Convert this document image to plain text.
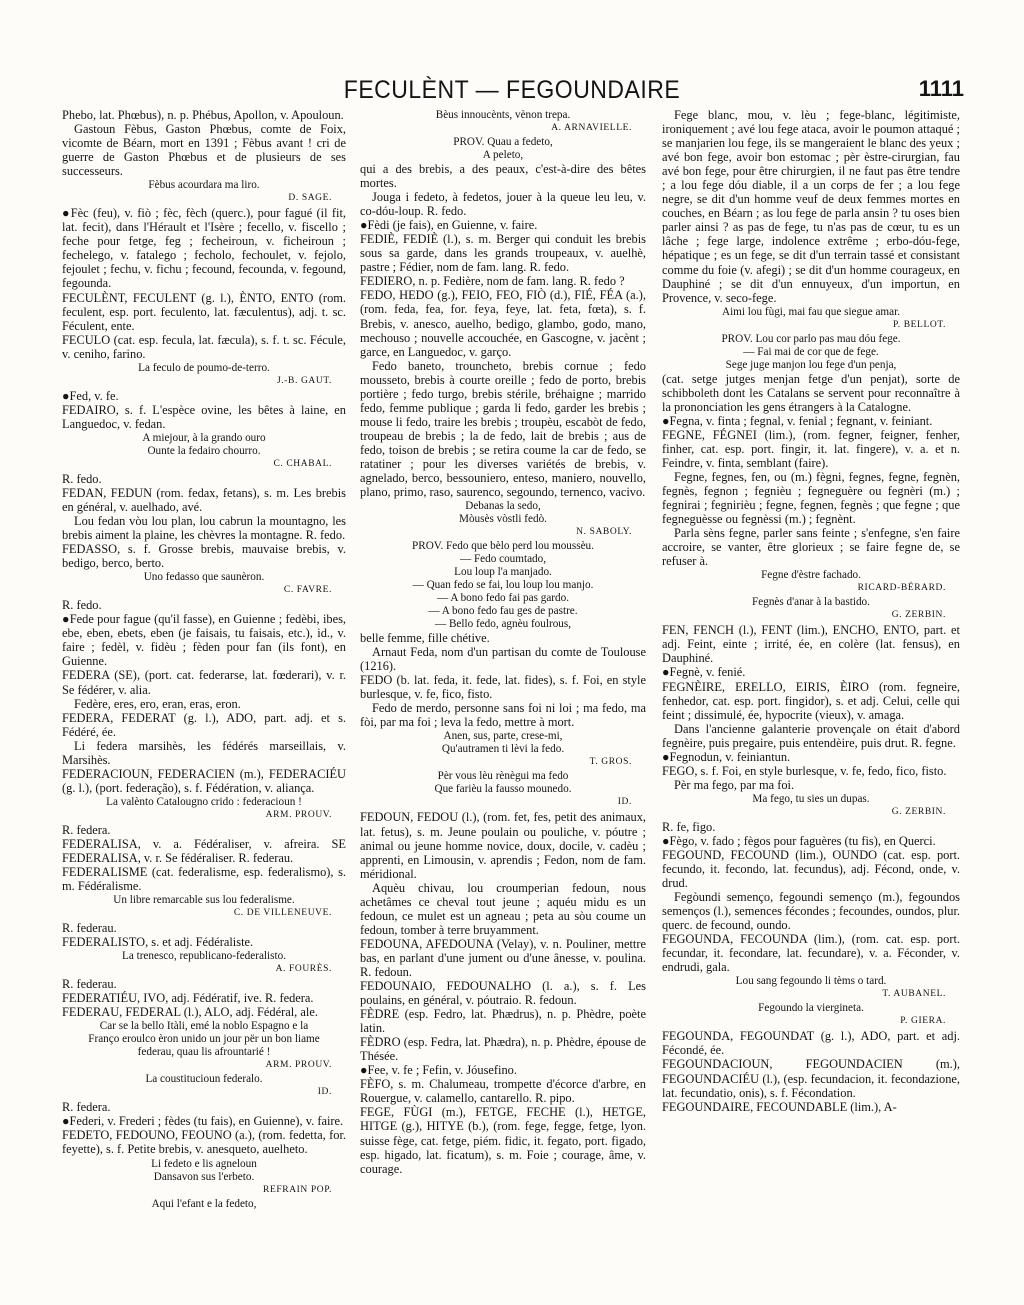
FECULÈNT — FEGOUNDAIRE	1111
Phebo, lat. Phœbus), n. p. Phébus, Apollon, v. Apouloun.
Gastoun Fèbus, Gaston Phœbus, comte de Foix, vicomte de Béarn, mort en 1391 ; Fèbus avant ! cri de guerre de Gaston Phœbus et de plusieurs de ses successeurs.
Fèbus acourdara ma liro.
D. SAGE.
●Fèc (feu), v. fiò ; fèc, fèch (querc.), pour fagué (il fit, lat. fecit), dans l'Hérault et l'Isère ; fecello, v. fiscello ; feche pour fetge, feg ; fecheiroun, v. ficheiroun ; fechelego, v. fatalego ; fecholo, fechoulet, v. fejolo, fejoulet ; fechu, v. fichu ; fecound, fecounda, v. fegound, fegounda.
FECULÈNT, FECULENT (g. l.), ÈNTO, ENTO (rom. feculent, esp. port. feculento, lat. fæculentus), adj. t. sc. Féculent, ente.
FECULO (cat. esp. fecula, lat. fæcula), s. f. t. sc. Fécule, v. ceniho, farino.
La feculo de poumo-de-terro.
J.-B. GAUT.
●Fed, v. fe.
FEDAIRO, s. f. L'espèce ovine, les bêtes à laine, en Languedoc, v. fedan.
A miejour, à la grando ouro
Ounte la fedairo chourro.
C. CHABAL.
R. fedo.
FEDAN, FEDUN (rom. fedax, fetans), s. m. Les brebis en général, v. auelhado, avé.
Lou fedan vòu lou plan, lou cabrun la mountagno, les brebis aiment la plaine, les chèvres la montagne. R. fedo.
FEDASSO, s. f. Grosse brebis, mauvaise brebis, v. bedigo, berco, berto.
Uno fedasso que saunèron.
C. FAVRE.
R. fedo.
●Fede pour fague (qu'il fasse), en Guienne ; fedèbi, ibes, ebe, eben, ebets, eben (je faisais, tu faisais, etc.), id., v. faire ; fedèl, v. fidèu ; fèden pour fan (ils font), en Guienne.
FEDERA (SE), (port. cat. federarse, lat. fœderari), v. r. Se fédérer, v. alia.
Fedère, eres, ero, eran, eras, eron.
FEDERA, FEDERAT (g. l.), ADO, part. adj. et s. Fédéré, ée.
Li federa marsihès, les fédérés marseillais, v. Marsihès.
FEDERACIOUN, FEDERACIEN (m.), FEDERACIÉU (g. l.), (port. federação), s. f. Fédération, v. aliança.
La valènto Catalougno crido : federacioun !
ARM. PROUV.
R. federa.
FEDERALISA, v. a. Fédéraliser, v. afreira. SE FEDERALISA, v. r. Se fédéraliser. R. federau.
FEDERALISME (cat. federalisme, esp. federalismo), s. m. Fédéralisme.
Un libre remarcable sus lou federalisme.
C. DE VILLENEUVE.
R. federau.
FEDERALISTO, s. et adj. Fédéraliste.
La trenesco, republicano-federalisto.
A. FOURÈS.
R. federau.
FEDERATIÉU, IVO, adj. Fédératif, ive. R. federa.
FEDERAU, FEDERAL (l.), ALO, adj. Fédéral, ale.
Car se la bello Itàli, emé la noblo Espagno e la
Franço eroulco èron unido un jour për un bon liame
federau, quau lis afrountarié !
ARM. PROUV.
La coustitucioun federalo.
ID.
R. federa.
●Federi, v. Frederi ; fèdes (tu fais), en Guienne), v. faire.
FEDETO, FEDOUNO, FEOUNO (a.), (rom. fedetta, for. feyette), s. f. Petite brebis, v. anesqueto, auelheto.
Li fedeto e lis agneloun
Dansavon sus l'erbeto.
REFRAIN POP.
Aqui l'efant e la fedeto,
Bèus innoucènts, vènon trepa.
A. ARNAVIELLE.
PROV. Quau a fedeto,
A peleto,
qui a des brebis, a des peaux, c'est-à-dire des bêtes mortes.
Jouga i fedeto, à fedetos, jouer à la queue leu leu, v. co-dóu-loup. R. fedo.
●Fèdi (je fais), en Guienne, v. faire.
FEDIÈ, FEDIÈ (l.), s. m. Berger qui conduit les brebis sous sa garde, dans les grands troupeaux, v. auelhè, pastre ; Fédier, nom de fam. lang. R. fedo.
FEDIERO, n. p. Fedière, nom de fam. lang. R. fedo ?
FEDO, HEDO (g.), FEIO, FEO, FIÒ (d.), FIÉ, FÉA (a.), (rom. feda, fea, for. feya, feye, lat. feta, fœta), s. f. Brebis, v. anesco, auelho, bedigo, glambo, godo, mano, mechouso ; nouvelle accouchée, en Gascogne, v. jacènt ; garce, en Languedoc, v. garço.
Fedo baneto, trouncheto, brebis cornue ; fedo mousseto, brebis à courte oreille ; fedo de porto, brebis portière ; fedo turgo, brebis stérile, bréhaigne ; marrido fedo, femme publique ; garda li fedo, garder les brebis ; mouse li fedo, traire les brebis ; troupèu, escabòt de fedo, troupeau de brebis ; la de fedo, lait de brebis ; aus de fedo, toison de brebis ; se retira coume la car de fedo, se ratatiner ; pour les diverses variétés de brebis, v. agnelado, berco, bessouniero, enteso, maniero, nouvello, plano, primo, raso, saurenco, segoundo, ternenco, vacivo.
Debanas la sedo,
Mòusès vòstli fedò.
N. SABOLY.
PROV. Fedo que bèlo perd lou moussèu.
— Fedo coumtado,
Lou loup l'a manjado.
— Quan fedo se fai, lou loup lou manjo.
— A bono fedo fai pas gardo.
— A bono fedo fau ges de pastre.
— Bello fedo, agnèu foulrous,
belle femme, fille chétive.
Arnaut Feda, nom d'un partisan du comte de Toulouse (1216).
FEDO (b. lat. feda, it. fede, lat. fides), s. f. Foi, en style burlesque, v. fe, fico, fisto.
Fedo de merdo, personne sans foi ni loi ; ma fedo, ma fòi, par ma foi ; leva la fedo, mettre à mort.
Anen, sus, parte, crese-mi,
Qu'autramen ti lèvi la fedo.
T. GROS.
Pèr vous lèu rènègui ma fedo
Que farièu la fausso mounedo.
ID.
FEDOUN, FEDOU (l.), (rom. fet, fes, petit des animaux, lat. fetus), s. m. Jeune poulain ou pouliche, v. póutre ; animal ou jeune homme novice, doux, docile, v. cadèu ; apprenti, en Limousin, v. aprendis ; Fedon, nom de fam. méridional.
Aquèu chivau, lou croumperian fedoun, nous achetâmes ce cheval tout jeune ; aquéu midu es un fedoun, ce mulet est un agneau ; peta au sòu coume un fedoun, tomber à terre bruyamment.
FEDOUNA, AFEDOUNA (Velay), v. n. Pouliner, mettre bas, en parlant d'une jument ou d'une ânesse, v. poulina. R. fedoun.
FEDOUNAIO, FEDOUNALHO (l. a.), s. f. Les poulains, en général, v. póutraio. R. fedoun.
FÈDRE (esp. Fedro, lat. Phædrus), n. p. Phèdre, poète latin.
FÈDRO (esp. Fedra, lat. Phædra), n. p. Phèdre, épouse de Thésée.
●Fee, v. fe ; Fefin, v. Jóusefino.
FÈFO, s. m. Chalumeau, trompette d'écorce d'arbre, en Rouergue, v. calamello, cantarello. R. pipo.
FEGE, FÙGI (m.), FETGE, FECHE (l.), HETGE, HITGE (g.), HITYE (b.), (rom. fege, fegge, fetge, lyon. suisse fège, cat. fetge, piém. fidic, it. fegato, port. figado, esp. higado, lat. ficatum), s. m. Foie ; courage, âme, v. courage.
Fege blanc, mou, v. lèu ; fege-blanc, légitimiste, ironiquement ; avé lou fege ataca, avoir le poumon attaqué ; se manjarien lou fege, ils se mangeraient le blanc des yeux ; avé bon fege, avoir bon estomac ; pèr èstre-cirurgian, fau avé bon fege, pour être chirurgien, il ne faut pas être tendre ; a lou fege dóu diable, il a un corps de fer ; a lou fege negre, se dit d'un homme veuf de deux femmes mortes en couches, en Béarn ; as lou fege de parla ansin ? tu oses bien parler ainsi ? as pas de fege, tu n'as pas de cœur, tu es un lâche ; fege large, indolence extrême ; erbo-dóu-fege, hépatique ; es un fege, se dit d'un terrain tassé et consistant comme du foie (v. afegi) ; se dit d'un homme courageux, en Dauphiné ; se dit d'un ennuyeux, d'un importun, en Provence, v. seco-fege.
Aimi lou fùgi, mai fau que siegue amar.
P. BELLOT.
PROV. Lou cor parlo pas mau dóu fege.
— Fai mai de cor que de fege.
Sege juge manjon lou fege d'un penja,
(cat. setge jutges menjan fetge d'un penjat), sorte de schibboleth dont les Catalans se servent pour reconnaître à la prononciation les gens étrangers à la Catalogne.
●Fegna, v. finta ; fegnal, v. fenial ; fegnant, v. feiniant.
FEGNE, FÉGNEI (lim.), (rom. fegner, feigner, fenher, finher, cat. esp. port. fingir, it. lat. fingere), v. a. et n. Feindre, v. finta, semblant (faire).
Fegne, fegnes, fen, ou (m.) fègni, fegnes, fegne, fegnèn, fegnès, fegnon ; fegnièu ; fegneguère ou fegnèri (m.) ; fegnirai ; fegnirièu ; fegne, fegnen, fegnès ; que fegne ; que fegneguèsse ou fegnèssi (m.) ; fegnènt.
Parla sèns fegne, parler sans feinte ; s'enfegne, s'en faire accroire, se vanter, être glorieux ; se faire fegne de, se refuser à.
Fegne d'èstre fachado.
RICARD-BÉRARD.
Fegnès d'anar à la bastido.
G. ZERBIN.
FEN, FENCH (l.), FENT (lim.), ENCHO, ENTO, part. et adj. Feint, einte ; irrité, ée, en colère (lat. fensus), en Dauphiné.
●Fegnè, v. fenié.
FEGNÈIRE, ERELLO, EIRIS, ÈIRO (rom. fegneire, fenhedor, cat. esp. port. fingidor), s. et adj. Celui, celle qui feint ; dissimulé, ée, hypocrite (vieux), v. amaga.
Dans l'ancienne galanterie provençale on était d'abord fegnèire, puis pregaire, puis entendèire, puis drut. R. fegne.
●Fegnodun, v. feiniantun.
FEGO, s. f. Foi, en style burlesque, v. fe, fedo, fico, fisto.
Pèr ma fego, par ma foi.
Ma fego, tu sies un dupas.
G. ZERBIN.
R. fe, figo.
●Fègo, v. fado ; fègos pour faguères (tu fis), en Querci.
FEGOUND, FECOUND (lim.), OUNDO (cat. esp. port. fecundo, it. fecondo, lat. fecundus), adj. Fécond, onde, v. drud.
Fegòundi semenço, fegoundi semenço (m.), fegoundos semenços (l.), semences fécondes ; fecoundes, oundos, plur. querc. de fecound, oundo.
FEGOUNDA, FECOUNDA (lim.), (rom. cat. esp. port. fecundar, it. fecondare, lat. fecundare), v. a. Féconder, v. endrudi, gala.
Lou sang fegoundo li tèms o tard.
T. AUBANEL.
Fegoundo la viergineta.
P. GIERA.
FEGOUNDA, FEGOUNDAT (g. l.), ADO, part. et adj. Fécondé, ée.
FEGOUNDACIOUN, FEGOUNDACIEN (m.), FEGOUNDACIÉU (l.), (esp. fecundacion, it. fecondazione, lat. fecundatio, onis), s. f. Fécondation.
FEGOUNDAIRE, FECOUNDABLE (lim.), A-
